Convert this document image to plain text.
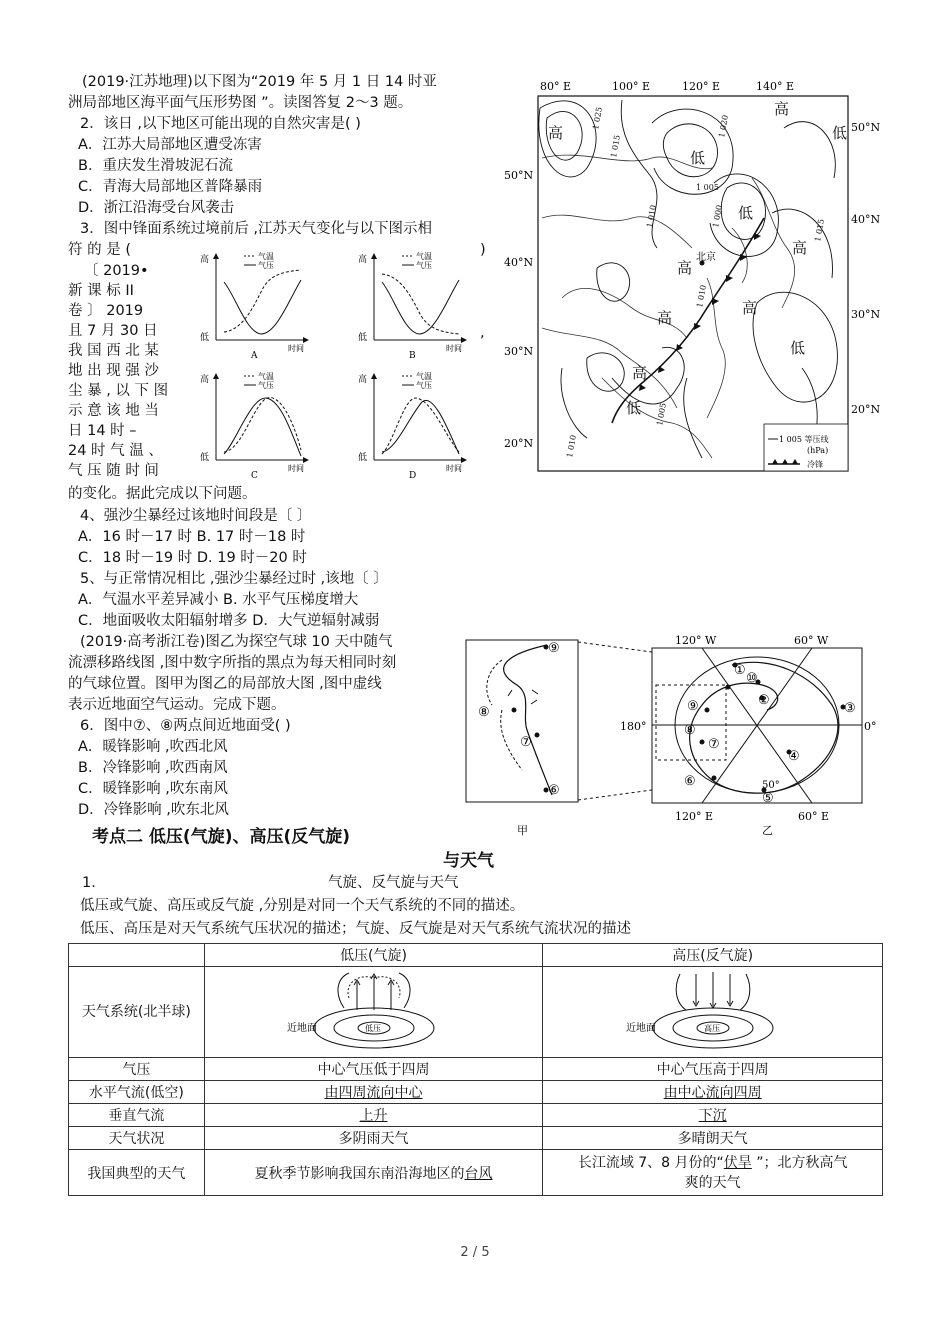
(2019·江苏地理)以下图为“2019 年 5 月 1 日 14 时亚
洲局部地区海平面气压形势图 ”。读图答复 2～3 题。
2．该日 ,以下地区可能出现的自然灾害是( )
A．江苏大局部地区遭受冻害
B．重庆发生滑坡泥石流
C．青海大局部地区普降暴雨
D．浙江沿海受台风袭击
3．图中锋面系统过境前后 ,江苏天气变化与以下图示相
符 的 是 (	)
〔 2019•
新 课 标 II
卷 〕 2019
且 7 月 30 日
我 国 西 北 某
地 出 现 强 沙
尘 暴 , 以 下 图
示 意 该 地 当
日 14 时 –
24 时 气 温 、
气 压 随 时 间
的变化。据此完成以下问题。
,
高
低
时间
A
气温
气压
高
低
时间
B
气温
气压
高
低
时间
C
气温
气压
高
低
时间
D
气温
气压
4、强沙尘暴经过该地时间段是〔 〕
A．16 时－17 时 B. 17 时－18 时
C．18 时－19 时 D. 19 时－20 时
5、与正常情况相比 ,强沙尘暴经过时 ,该地〔 〕
A．气温水平差异减小 B. 水平气压梯度增大
C．地面吸收太阳辐射增多 D．大气逆辐射减弱
(2019·高考浙江卷)图乙为探空气球 10 天中随气
流漂移路线图 ,图中数字所指的黑点为每天相同时刻
的气球位置。图甲为图乙的局部放大图 ,图中虚线
表示近地面空气运动。完成下题。
6．图中⑦、⑧两点间近地面受( )
A．暖锋影响 ,吹西北风
B．冷锋影响 ,吹西南风
C．暖锋影响 ,吹东南风
D．冷锋影响 ,吹东北风
80° E	100° E	120° E	140° E
50°N
40°N
30°N
20°N
50°N
40°N
30°N
20°N
1 025	1 020
1 015
1 010
1 005
1 000
1 015
1 010
1 005
1 010
高
高
低
低
低
高
高
高
高
低
高
低
北京
1 005 等压线
(hPa)
冷锋
⑨
⑧
⑦
⑥
甲
120° W	60° W
120° E	60° E
180°	0°
①
②
③
④
⑤
⑥
⑦
⑧
⑨
⑩
50°
乙
考点二 低压(气旋)、高压(反气旋)
与天气
1.	气旋、反气旋与天气
低压或气旋、高压或反气旋 ,分别是对同一个天气系统的不同的描述。
低压、高压是对天气系统气压状况的描述；气旋、反气旋是对天气系统气流状况的描述
	低压(气旋)	高压(反气旋)
天气系统(北半球)	低压
近地面	高压
近地面

气压	中心气压低于四周	中心气压高于四周
水平气流(低空)	由四周流向中心	由中心流向四周
垂直气流	上升	下沉
天气状况	多阴雨天气	多晴朗天气
我国典型的天气	夏秋季节影响我国东南沿海地区的台风	长江流域 7、8 月份的“伏旱 ”；北方秋高气
爽的天气
2 / 5
